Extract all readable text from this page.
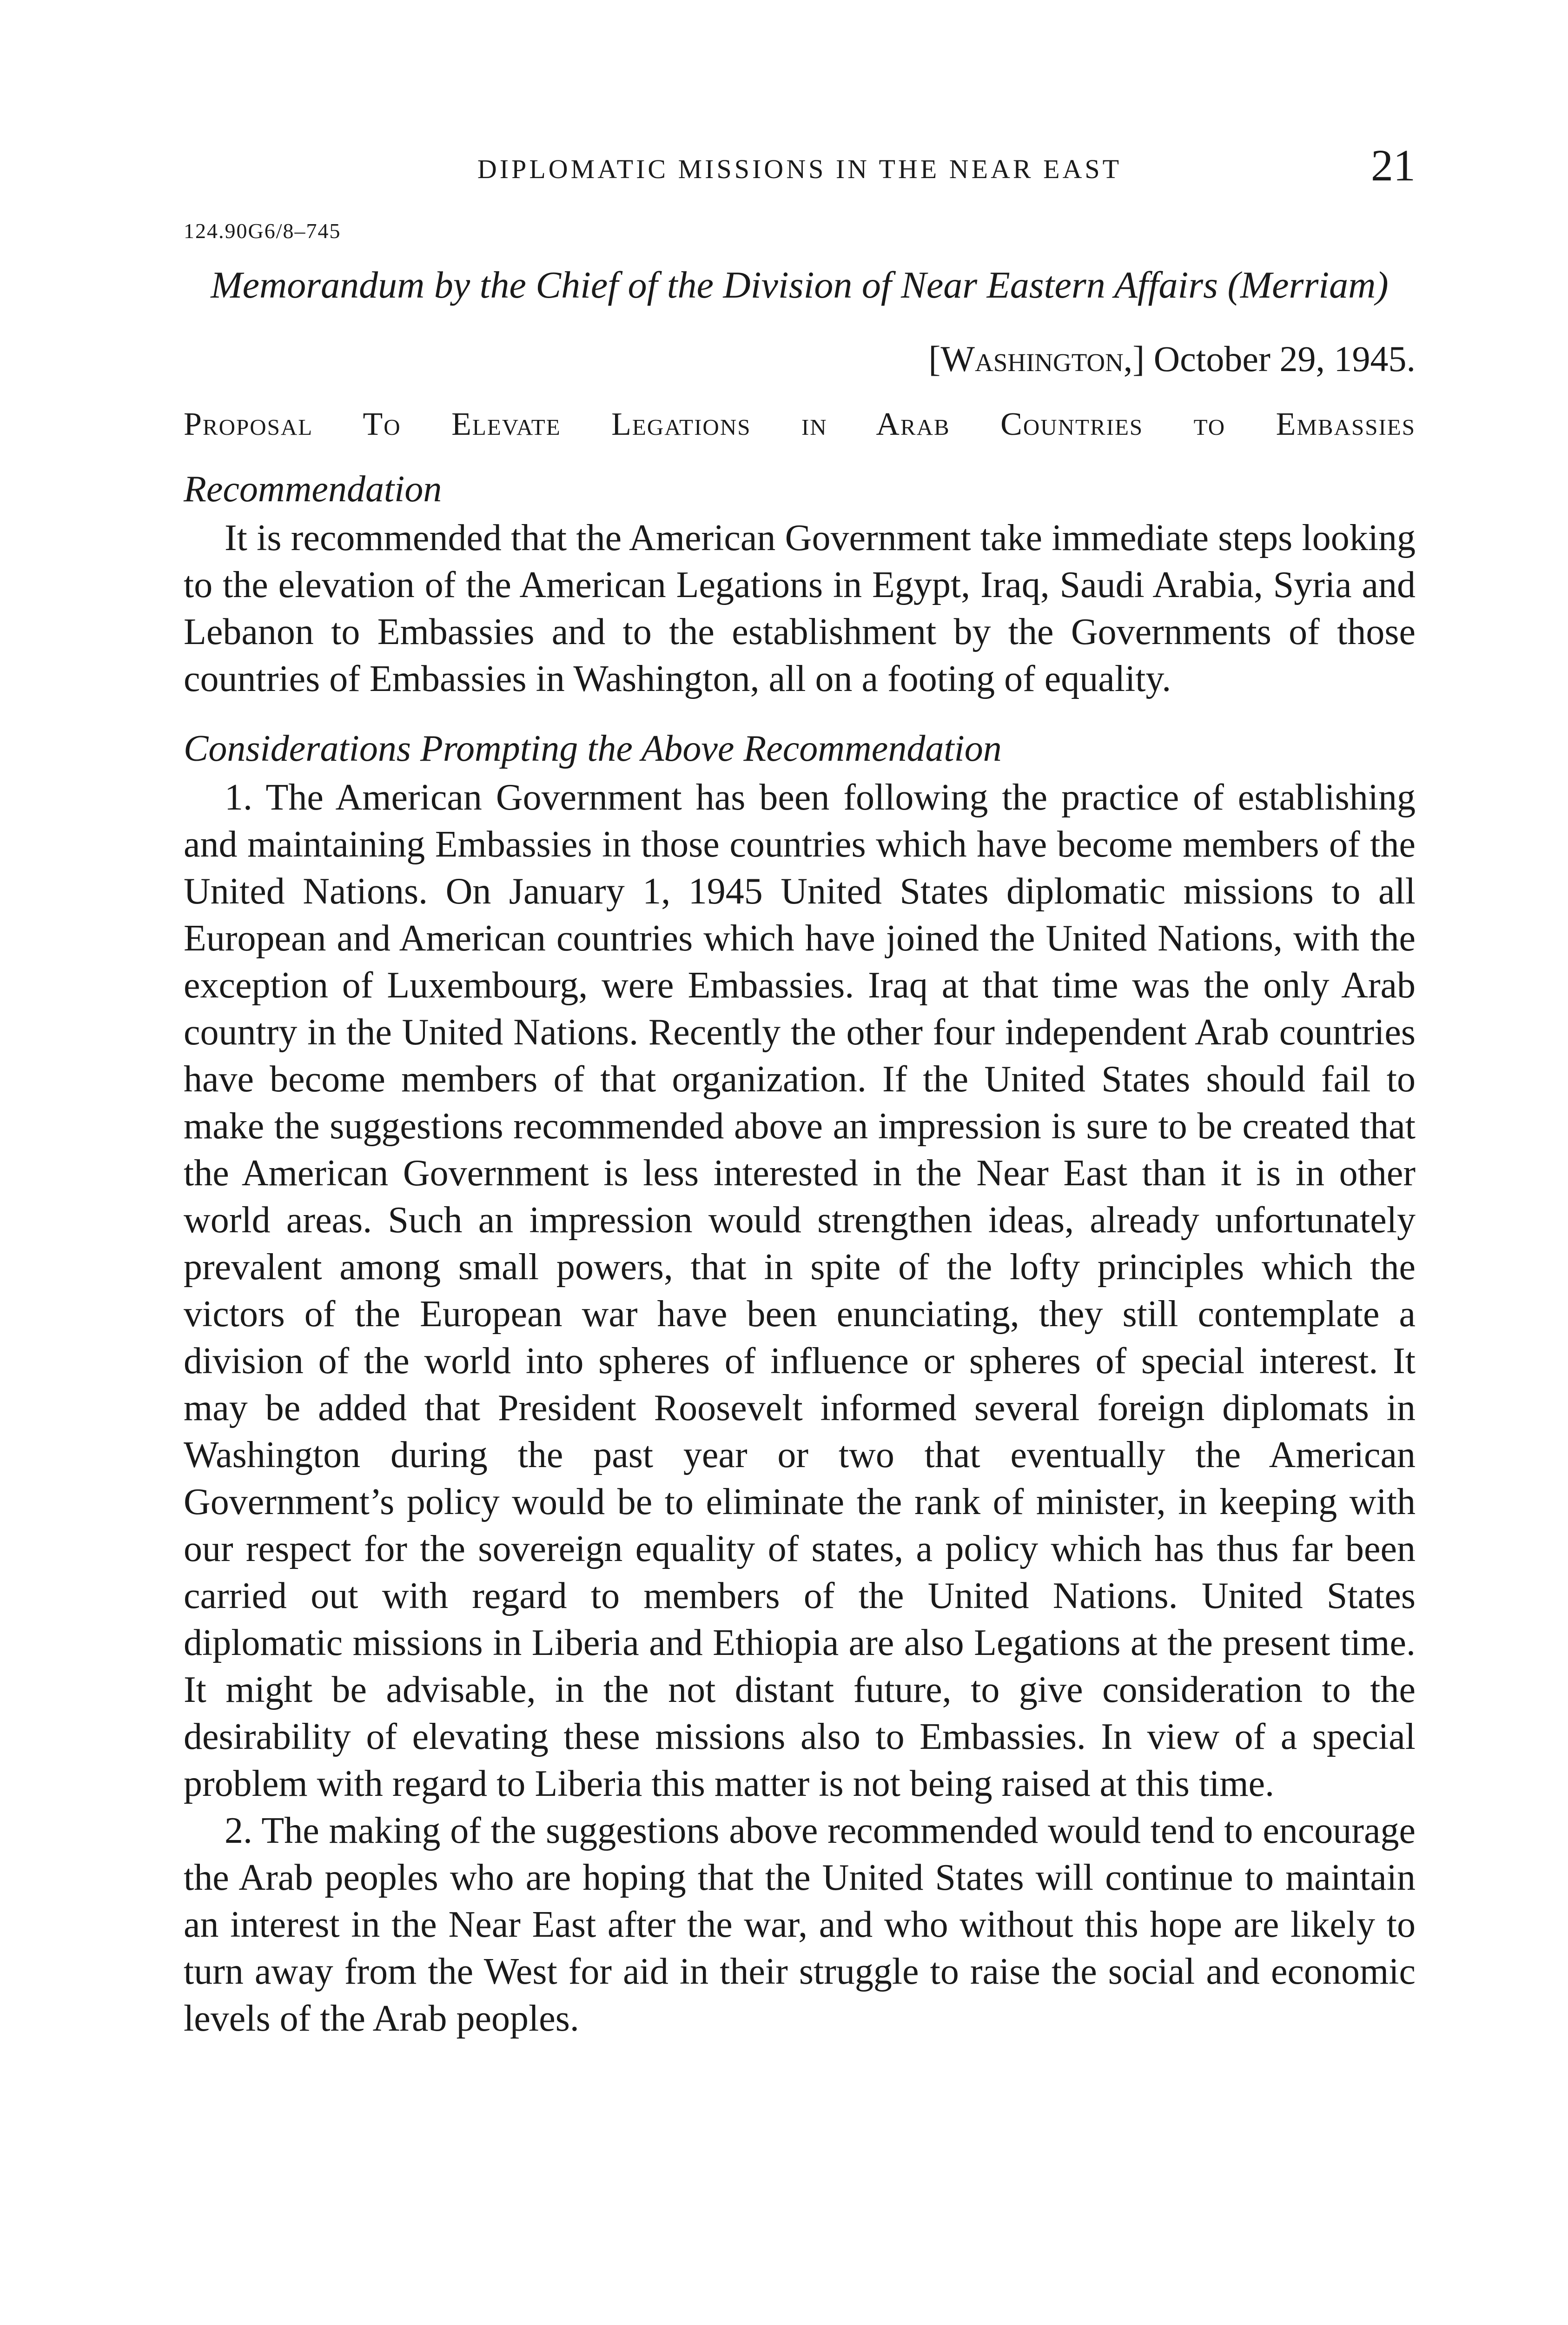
DIPLOMATIC MISSIONS IN THE NEAR EAST	21
124.90G6/8–745
Memorandum by the Chief of the Division of Near Eastern Affairs (Merriam)
[Washington,] October 29, 1945.
Proposal To Elevate Legations in Arab Countries to Embassies
Recommendation

It is recommended that the American Government take immediate steps looking to the elevation of the American Legations in Egypt, Iraq, Saudi Arabia, Syria and Lebanon to Embassies and to the establishment by the Governments of those countries of Embassies in Washington, all on a footing of equality.

Considerations Prompting the Above Recommendation

1. The American Government has been following the practice of establishing and maintaining Embassies in those countries which have become members of the United Nations. On January 1, 1945 United States diplomatic missions to all European and American countries which have joined the United Nations, with the exception of Luxembourg, were Embassies. Iraq at that time was the only Arab country in the United Nations. Recently the other four independent Arab countries have become members of that organization. If the United States should fail to make the suggestions recommended above an impression is sure to be created that the American Government is less interested in the Near East than it is in other world areas. Such an impression would strengthen ideas, already unfortunately prevalent among small powers, that in spite of the lofty principles which the victors of the European war have been enunciating, they still contemplate a division of the world into spheres of influence or spheres of special interest. It may be added that President Roosevelt informed several foreign diplomats in Washington during the past year or two that eventually the American Government’s policy would be to eliminate the rank of minister, in keeping with our respect for the sovereign equality of states, a policy which has thus far been carried out with regard to members of the United Nations. United States diplomatic missions in Liberia and Ethiopia are also Legations at the present time. It might be advisable, in the not distant future, to give consideration to the desirability of elevating these missions also to Embassies. In view of a special problem with regard to Liberia this matter is not being raised at this time.

2. The making of the suggestions above recommended would tend to encourage the Arab peoples who are hoping that the United States will continue to maintain an interest in the Near East after the war, and who without this hope are likely to turn away from the West for aid in their struggle to raise the social and economic levels of the Arab peoples.
